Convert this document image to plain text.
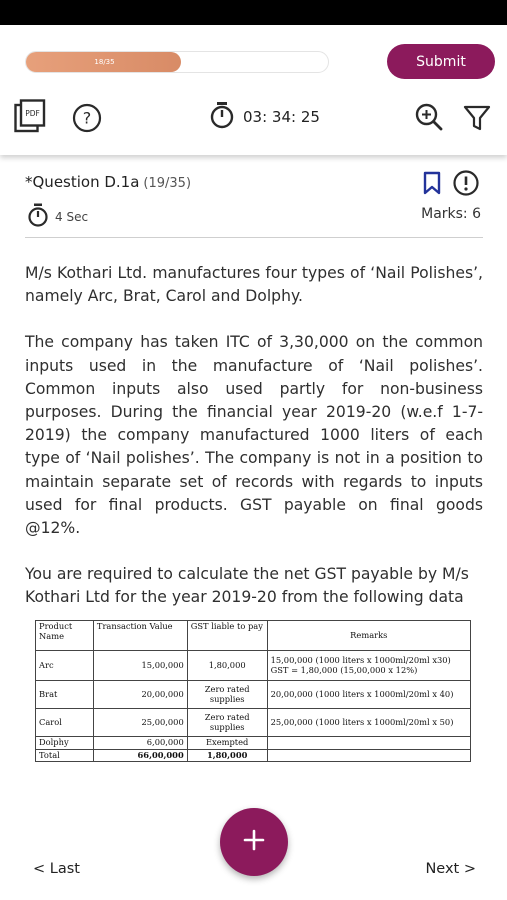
18/35	Submit
PDF	?	03: 34: 25
*Question D.1a (19/35)
4 Sec	Marks: 6

M/s Kothari Ltd. manufactures four types of ‘Nail Polishes’, namely Arc, Brat, Carol and Dolphy.

The company has taken ITC of 3,30,000 on the common inputs used in the manufacture of ‘Nail polishes’. Common inputs also used partly for non-business purposes. During the financial year 2019-20 (w.e.f 1-7-2019) the company manufactured 1000 liters of each type of ‘Nail polishes’. The company is not in a position to maintain separate set of records with regards to inputs used for final products. GST payable on final goods @12%.

You are required to calculate the net GST payable by M/s Kothari Ltd for the year 2019-20 from the following data

Product Name	Transaction Value	GST liable to pay	Remarks
Arc	15,00,000	1,80,000	15,00,000 (1000 liters x 1000ml/20ml x30) GST = 1,80,000 (15,00,000 x 12%)
Brat	20,00,000	Zero rated supplies	20,00,000 (1000 liters x 1000ml/20ml x 40)
Carol	25,00,000	Zero rated supplies	25,00,000 (1000 liters x 1000ml/20ml x 50)
Dolphy	6,00,000	Exempted	
Total	66,00,000	1,80,000	
< Last	Next >
